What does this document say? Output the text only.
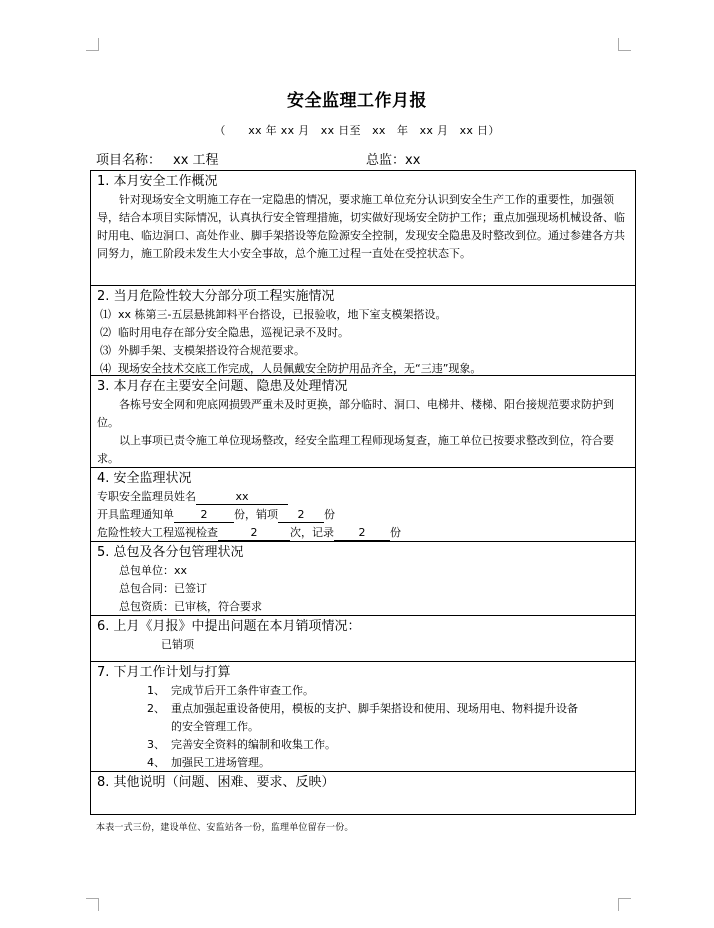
安全监理工作月报
（　　xx 年 xx 月　xx 日至　xx　年　xx 月　xx 日）
项目名称： xx 工程	总监：xx
1. 本月安全工作概况

针对现场安全文明施工存在一定隐患的情况，要求施工单位充分认识到安全生产工作的重要性，加强领导，结合本项目实际情况，认真执行安全管理措施，切实做好现场安全防护工作；重点加强现场机械设备、临时用电、临边洞口、高处作业、脚手架搭设等危险源安全控制，发现安全隐患及时整改到位。通过参建各方共同努力，施工阶段未发生大小安全事故，总个施工过程一直处在受控状态下。

2. 当月危险性较大分部分项工程实施情况

⑴ xx 栋第三-五层悬挑卸料平台搭设，已报验收，地下室支模架搭设。

⑵ 临时用电存在部分安全隐患，巡视记录不及时。

⑶ 外脚手架、支模架搭设符合规范要求。

⑷ 现场安全技术交底工作完成，人员佩戴安全防护用品齐全，无“三违”现象。

3. 本月存在主要安全问题、隐患及处理情况

各栋号安全网和兜底网损毁严重未及时更换，部分临时、洞口、电梯井、楼梯、阳台接规范要求防护到位。

以上事项已责令施工单位现场整改，经安全监理工程师现场复查，施工单位已按要求整改到位，符合要求。

4. 安全监理状况

专职安全监理员姓名	xx

开具监理通知单 2 份，销项 2 份

危险性较大工程巡视检查	2	次，记录 2 份

5. 总包及各分包管理状况

总包单位：xx

总包合同：已签订

总包资质：已审核，符合要求

6. 上月《月报》中提出问题在本月销项情况：

已销项

7. 下月工作计划与打算

1、 完成节后开工条件审查工作。

2、 重点加强起重设备使用，模板的支护、脚手架搭设和使用、现场用电、物料提升设备

的安全管理工作。

3、 完善安全资料的编制和收集工作。

4、 加强民工进场管理。

8. 其他说明（问题、困难、要求、反映）
本表一式三份，建设单位、安监站各一份，监理单位留存一份。
